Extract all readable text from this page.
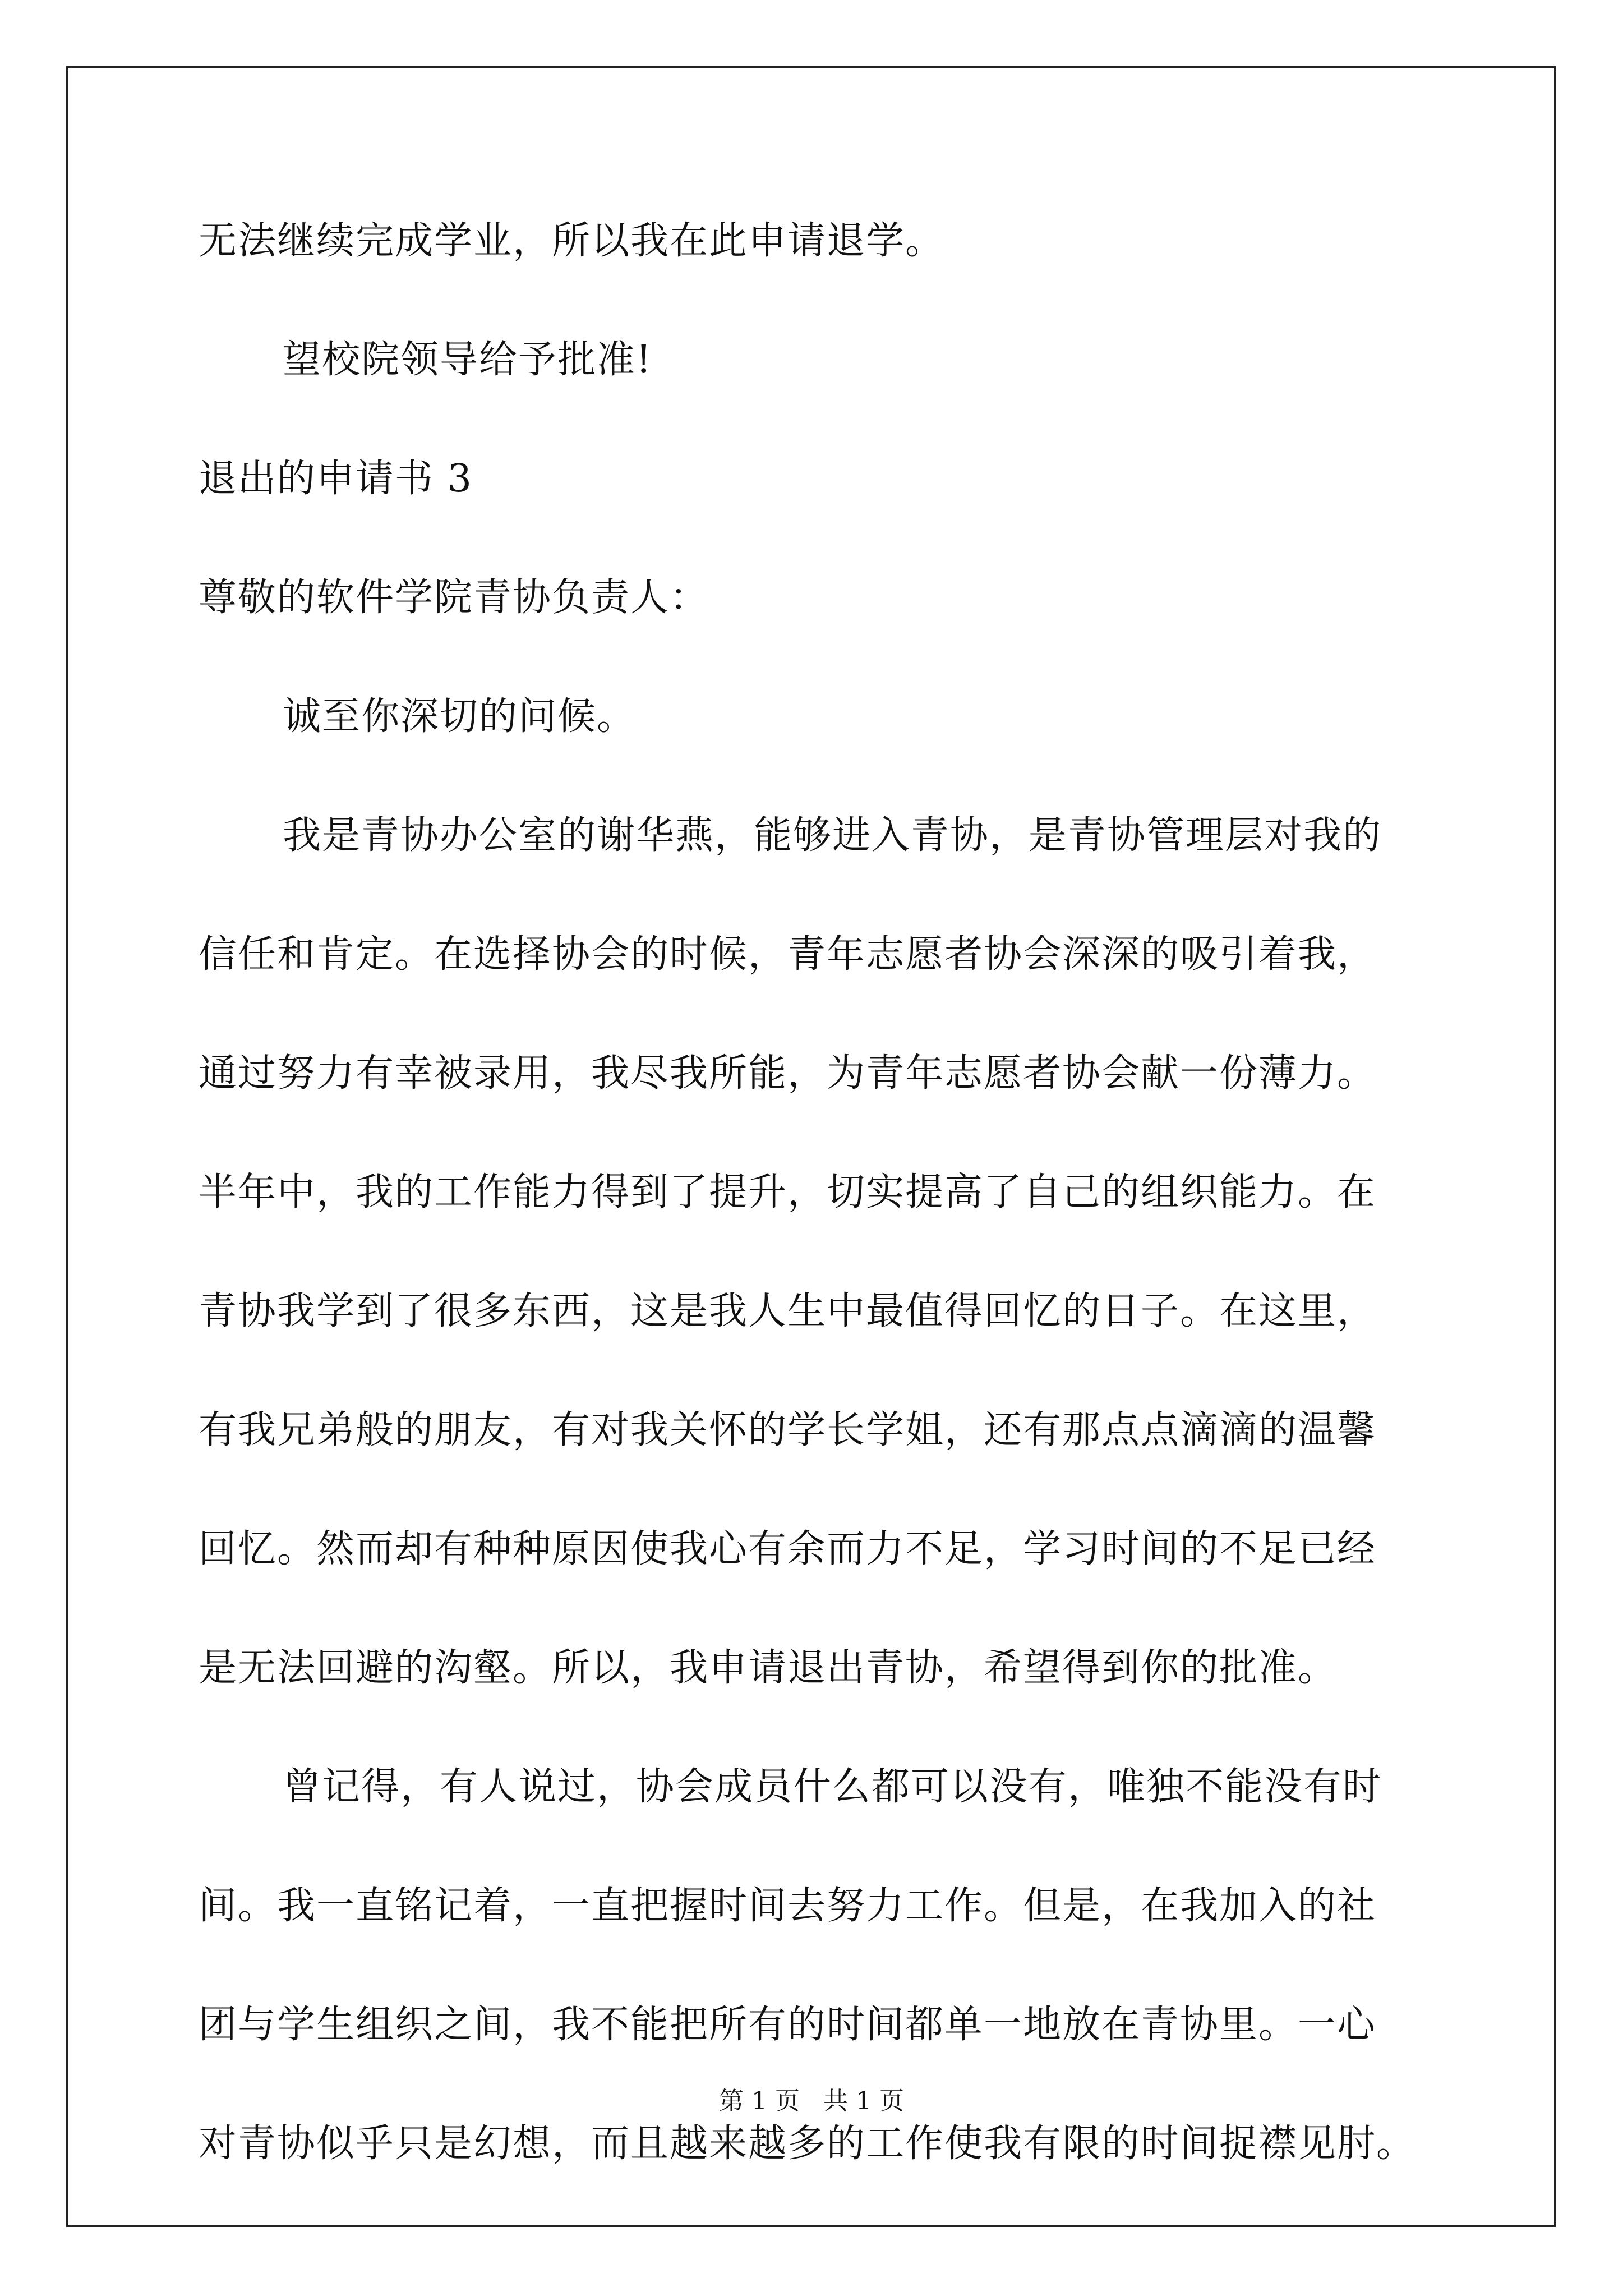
无法继续完成学业，所以我在此申请退学。
望校院领导给予批准!
退出的申请书 3
尊敬的软件学院青协负责人：
诚至你深切的问候。
我是青协办公室的谢华燕，能够进入青协，是青协管理层对我的
信任和肯定。在选择协会的时候，青年志愿者协会深深的吸引着我，
通过努力有幸被录用，我尽我所能，为青年志愿者协会献一份薄力。
半年中，我的工作能力得到了提升，切实提高了自己的组织能力。在
青协我学到了很多东西，这是我人生中最值得回忆的日子。在这里，
有我兄弟般的朋友，有对我关怀的学长学姐，还有那点点滴滴的温馨
回忆。然而却有种种原因使我心有余而力不足，学习时间的不足已经
是无法回避的沟壑。所以，我申请退出青协，希望得到你的批准。
曾记得，有人说过，协会成员什么都可以没有，唯独不能没有时
间。我一直铭记着，一直把握时间去努力工作。但是，在我加入的社
团与学生组织之间，我不能把所有的时间都单一地放在青协里。一心
对青协似乎只是幻想，而且越来越多的工作使我有限的时间捉襟见肘。
第 1 页 共 1 页
